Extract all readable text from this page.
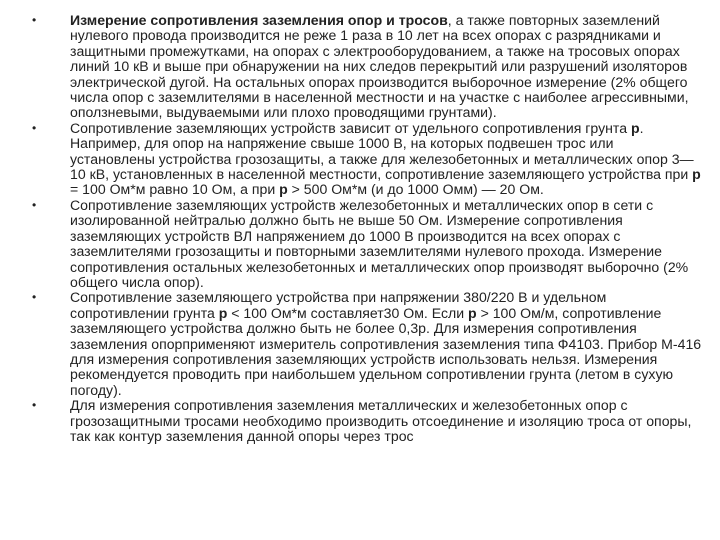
•	Измерение сопротивления заземления опор и тросов, а также повторных заземлений нулевого провода производится не реже 1 раза в 10 лет на всех опорах с разрядниками и защитными промежутками, на опорах с электрооборудованием, а также на тросовых опорах линий 10 кВ и выше при обнаружении на них следов перекрытий или разрушений изоляторов электрической дугой. На остальных опорах производится выборочное измерение (2% общего числа опор с заземлителями в населенной местности и на участке с наиболее агрессивными, оползневыми, выдуваемыми или плохо проводящими грунтами).
•	Сопротивление заземляющих устройств зависит от удельного сопротивления грунта р. Например, для опор на напряжение свыше 1000 В, на которых подвешен трос или установлены устройства грозозащиты, а также для железобетонных и металлических опор 3—10 кВ, установленных в населенной местности, сопротивление заземляющего устройства при р = 100 Ом*м равно 10 Ом, а при р > 500 Ом*м (и до 1000 Омм) — 20 Ом.
•	Сопротивление заземляющих устройств железобетонных и металлических опор в сети с изолированной нейтралью должно быть не выше 50 Ом. Измерение сопротивления заземляющих устройств ВЛ напряжением до 1000 В производится на всех опорах с заземлителями грозозащиты и повторными заземлителями нулевого прохода. Измерение сопротивления остальных железобетонных и металлических опор производят выборочно (2% общего числа опор).
•	Сопротивление заземляющего устройства при напряжении 380/220 В и удельном сопротивлении грунта р < 100 Ом*м составляет30 Ом. Если р > 100 Ом/м, сопротивление заземляющего устройства должно быть не более 0,3р. Для измерения сопротивления заземления опорприменяют измеритель сопротивления заземления типа Ф4103. Прибор М-416 для измерения сопротивления заземляющих устройств использовать нельзя. Измерения рекомендуется проводить при наибольшем удельном сопротивлении грунта (летом в сухую погоду).
•	Для измерения сопротивления заземления металлических и железобетонных опор с грозозащитными тросами необходимо производить отсоединение и изоляцию троса от опоры, так как контур заземления данной опоры через трос
